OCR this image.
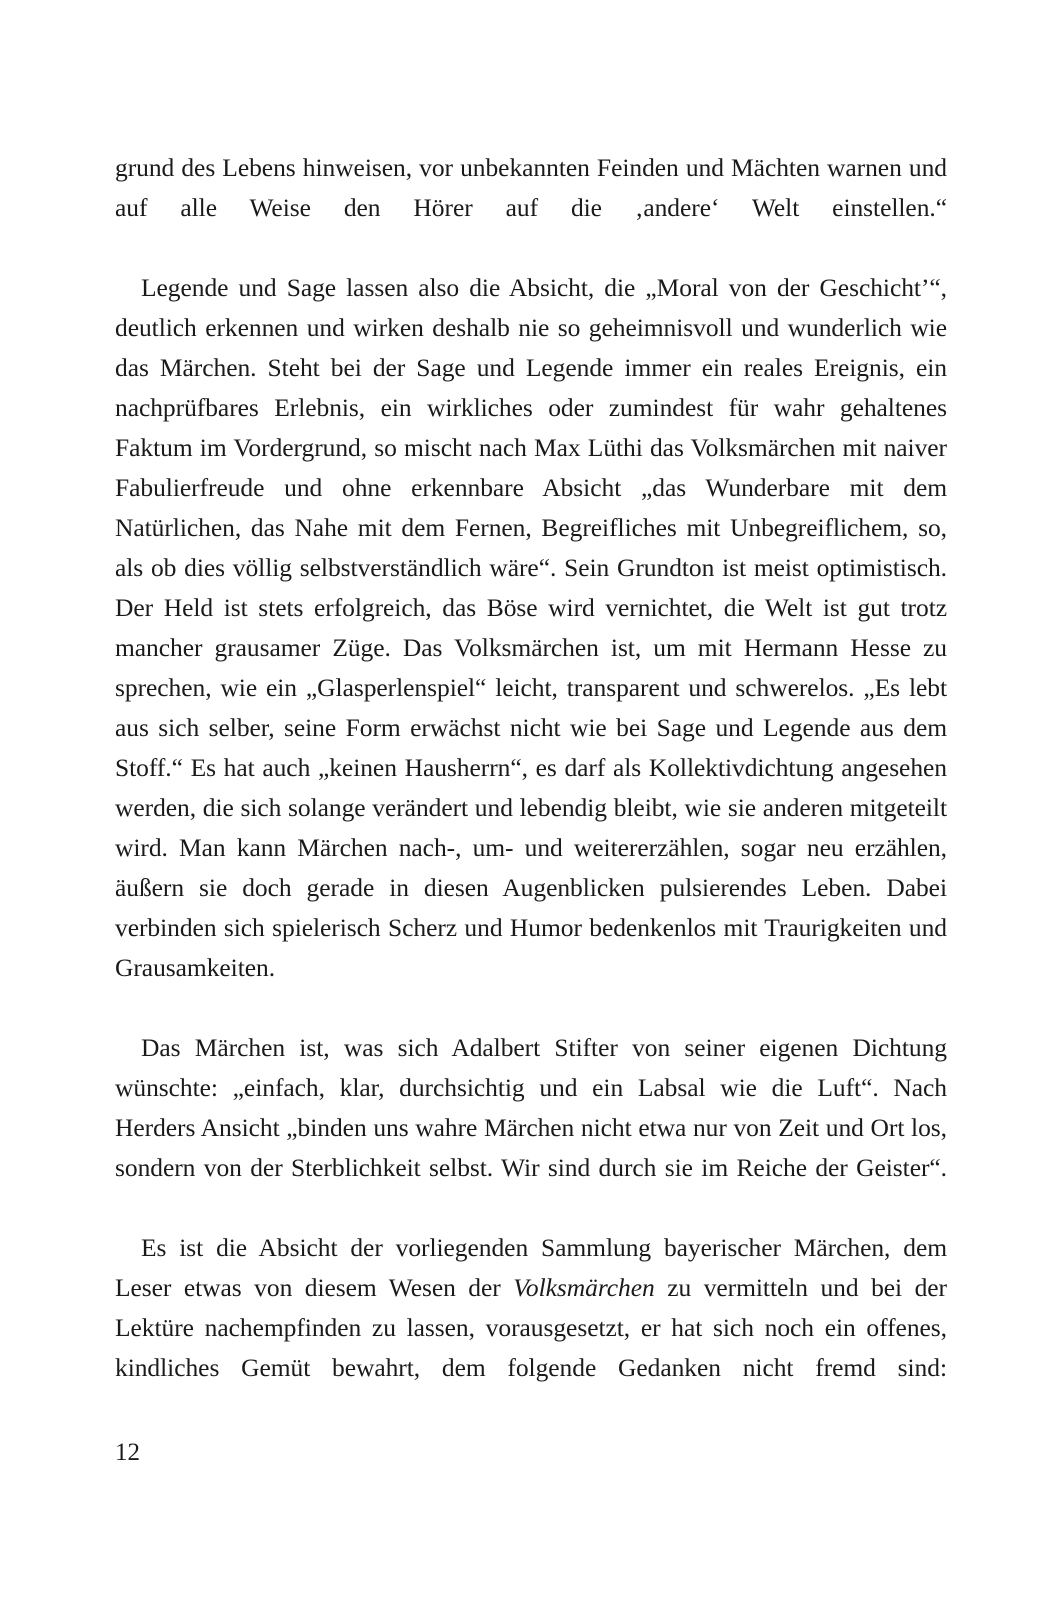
grund des Lebens hinweisen, vor unbekannten Feinden und Mächten warnen und auf alle Weise den Hörer auf die ‚andere‘ Welt einstellen.“

Legende und Sage lassen also die Absicht, die „Moral von der Geschicht’“, deutlich erkennen und wirken deshalb nie so geheimnisvoll und wunderlich wie das Märchen. Steht bei der Sage und Legende immer ein reales Ereignis, ein nachprüfbares Erlebnis, ein wirkliches oder zumindest für wahr gehaltenes Faktum im Vordergrund, so mischt nach Max Lüthi das Volksmärchen mit naiver Fabulierfreude und ohne erkennbare Absicht „das Wunderbare mit dem Natürlichen, das Nahe mit dem Fernen, Begreifliches mit Unbegreiflichem, so, als ob dies völlig selbstverständlich wäre“. Sein Grundton ist meist optimistisch. Der Held ist stets erfolgreich, das Böse wird vernichtet, die Welt ist gut trotz mancher grausamer Züge. Das Volksmärchen ist, um mit Hermann Hesse zu sprechen, wie ein „Glasperlenspiel“ leicht, transparent und schwerelos. „Es lebt aus sich selber, seine Form erwächst nicht wie bei Sage und Legende aus dem Stoff.“ Es hat auch „keinen Hausherrn“, es darf als Kollektivdichtung angesehen werden, die sich solange verändert und lebendig bleibt, wie sie anderen mitgeteilt wird. Man kann Märchen nach-, um- und weitererzählen, sogar neu erzählen, äußern sie doch gerade in diesen Augenblicken pulsierendes Leben. Dabei verbinden sich spielerisch Scherz und Humor bedenkenlos mit Traurigkeiten und Grausamkeiten.

Das Märchen ist, was sich Adalbert Stifter von seiner eigenen Dichtung wünschte: „einfach, klar, durchsichtig und ein Labsal wie die Luft“. Nach Herders Ansicht „binden uns wahre Märchen nicht etwa nur von Zeit und Ort los, sondern von der Sterblichkeit selbst. Wir sind durch sie im Reiche der Geister“.

Es ist die Absicht der vorliegenden Sammlung bayerischer Märchen, dem Leser etwas von diesem Wesen der Volksmärchen zu vermitteln und bei der Lektüre nachempfinden zu lassen, vorausgesetzt, er hat sich noch ein offenes, kindliches Gemüt bewahrt, dem folgende Gedanken nicht fremd sind:

12
